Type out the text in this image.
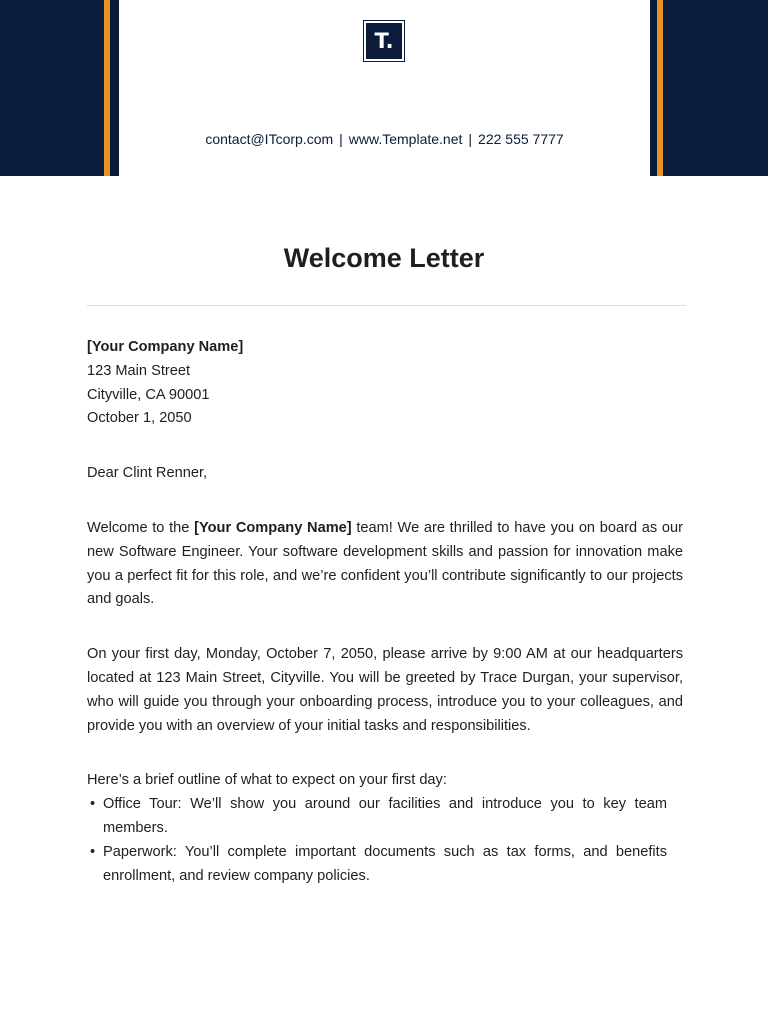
T.
contact@ITcorp.com | www.Template.net | 222 555 7777
Welcome Letter

[Your Company Name]
123 Main Street
Cityville, CA 90001
October 1, 2050

Dear Clint Renner,

Welcome to the [Your Company Name] team! We are thrilled to have you on board as our new Software Engineer. Your software development skills and passion for innovation make you a perfect fit for this role, and we’re confident you’ll contribute significantly to our projects and goals.

On your first day, Monday, October 7, 2050, please arrive by 9:00 AM at our headquarters located at 123 Main Street, Cityville. You will be greeted by Trace Durgan, your supervisor, who will guide you through your onboarding process, introduce you to your colleagues, and provide you with an overview of your initial tasks and responsibilities.

Here’s a brief outline of what to expect on your first day:

• Office Tour: We’ll show you around our facilities and introduce you to key team members.
• Paperwork: You’ll complete important documents such as tax forms, and benefits enrollment, and review company policies.
